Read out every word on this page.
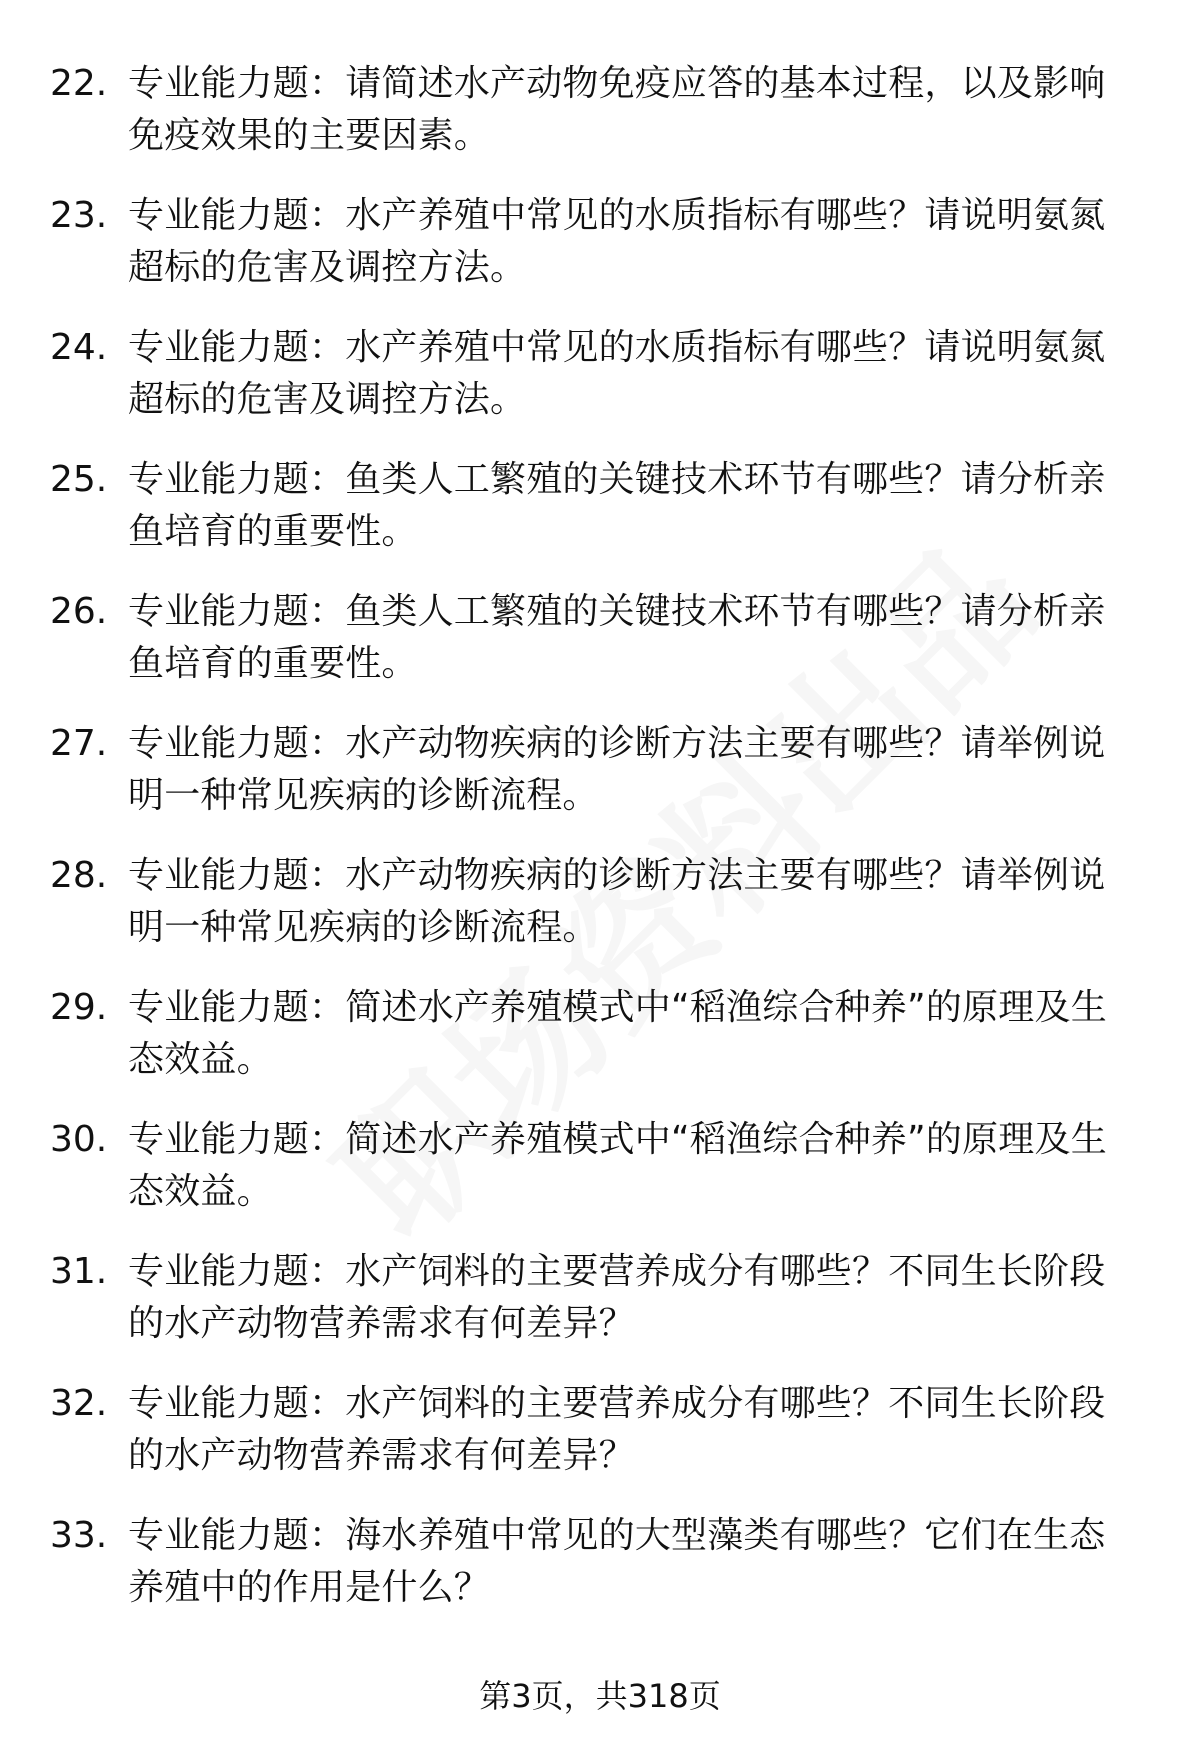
22. 专业能力题：请简述水产动物免疫应答的基本过程，以及影响免疫效果的主要因素。
23. 专业能力题：水产养殖中常见的水质指标有哪些？请说明氨氮超标的危害及调控方法。
24. 专业能力题：水产养殖中常见的水质指标有哪些？请说明氨氮超标的危害及调控方法。
25. 专业能力题：鱼类人工繁殖的关键技术环节有哪些？请分析亲鱼培育的重要性。
26. 专业能力题：鱼类人工繁殖的关键技术环节有哪些？请分析亲鱼培育的重要性。
27. 专业能力题：水产动物疾病的诊断方法主要有哪些？请举例说明一种常见疾病的诊断流程。
28. 专业能力题：水产动物疾病的诊断方法主要有哪些？请举例说明一种常见疾病的诊断流程。
29. 专业能力题：简述水产养殖模式中“稻渔综合种养”的原理及生态效益。
30. 专业能力题：简述水产养殖模式中“稻渔综合种养”的原理及生态效益。
31. 专业能力题：水产饲料的主要营养成分有哪些？不同生长阶段的水产动物营养需求有何差异？
32. 专业能力题：水产饲料的主要营养成分有哪些？不同生长阶段的水产动物营养需求有何差异？
33. 专业能力题：海水养殖中常见的大型藻类有哪些？它们在生态养殖中的作用是什么？
第3页，共318页
